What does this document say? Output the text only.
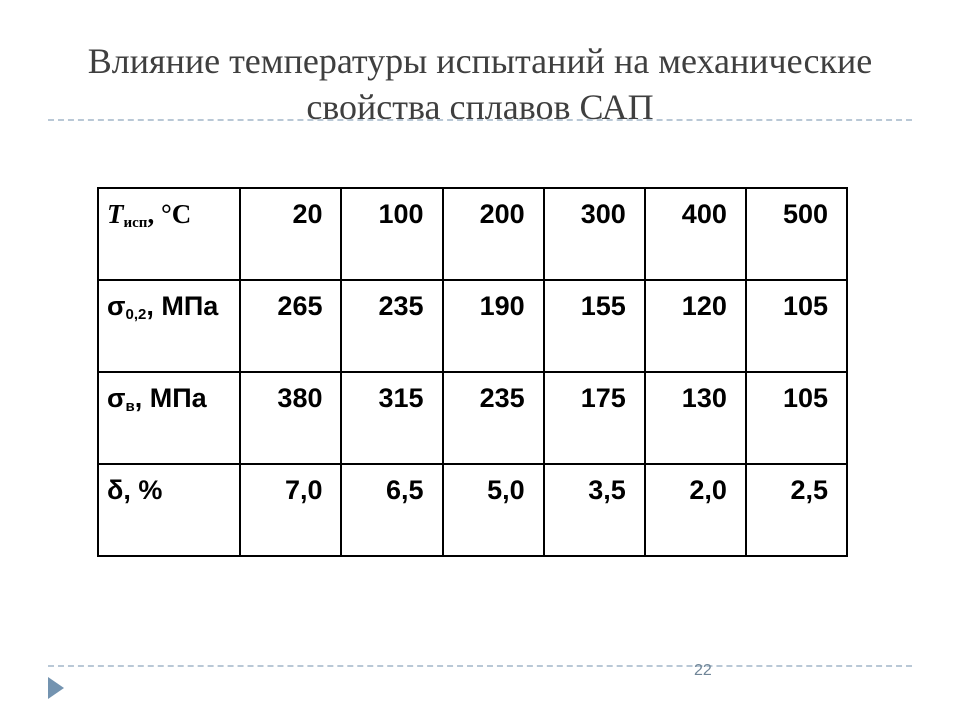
Влияние температуры испытаний на механические
свойства сплавов САП
$T_{исп}$, °C	20	100	200	300	400	500
$\sigma_{0,2}$, МПа	265	235	190	155	120	105
$\sigma_в$, МПа	380	315	235	175	130	105
δ, %	7,0	6,5	5,0	3,5	2,0	2,5
22
